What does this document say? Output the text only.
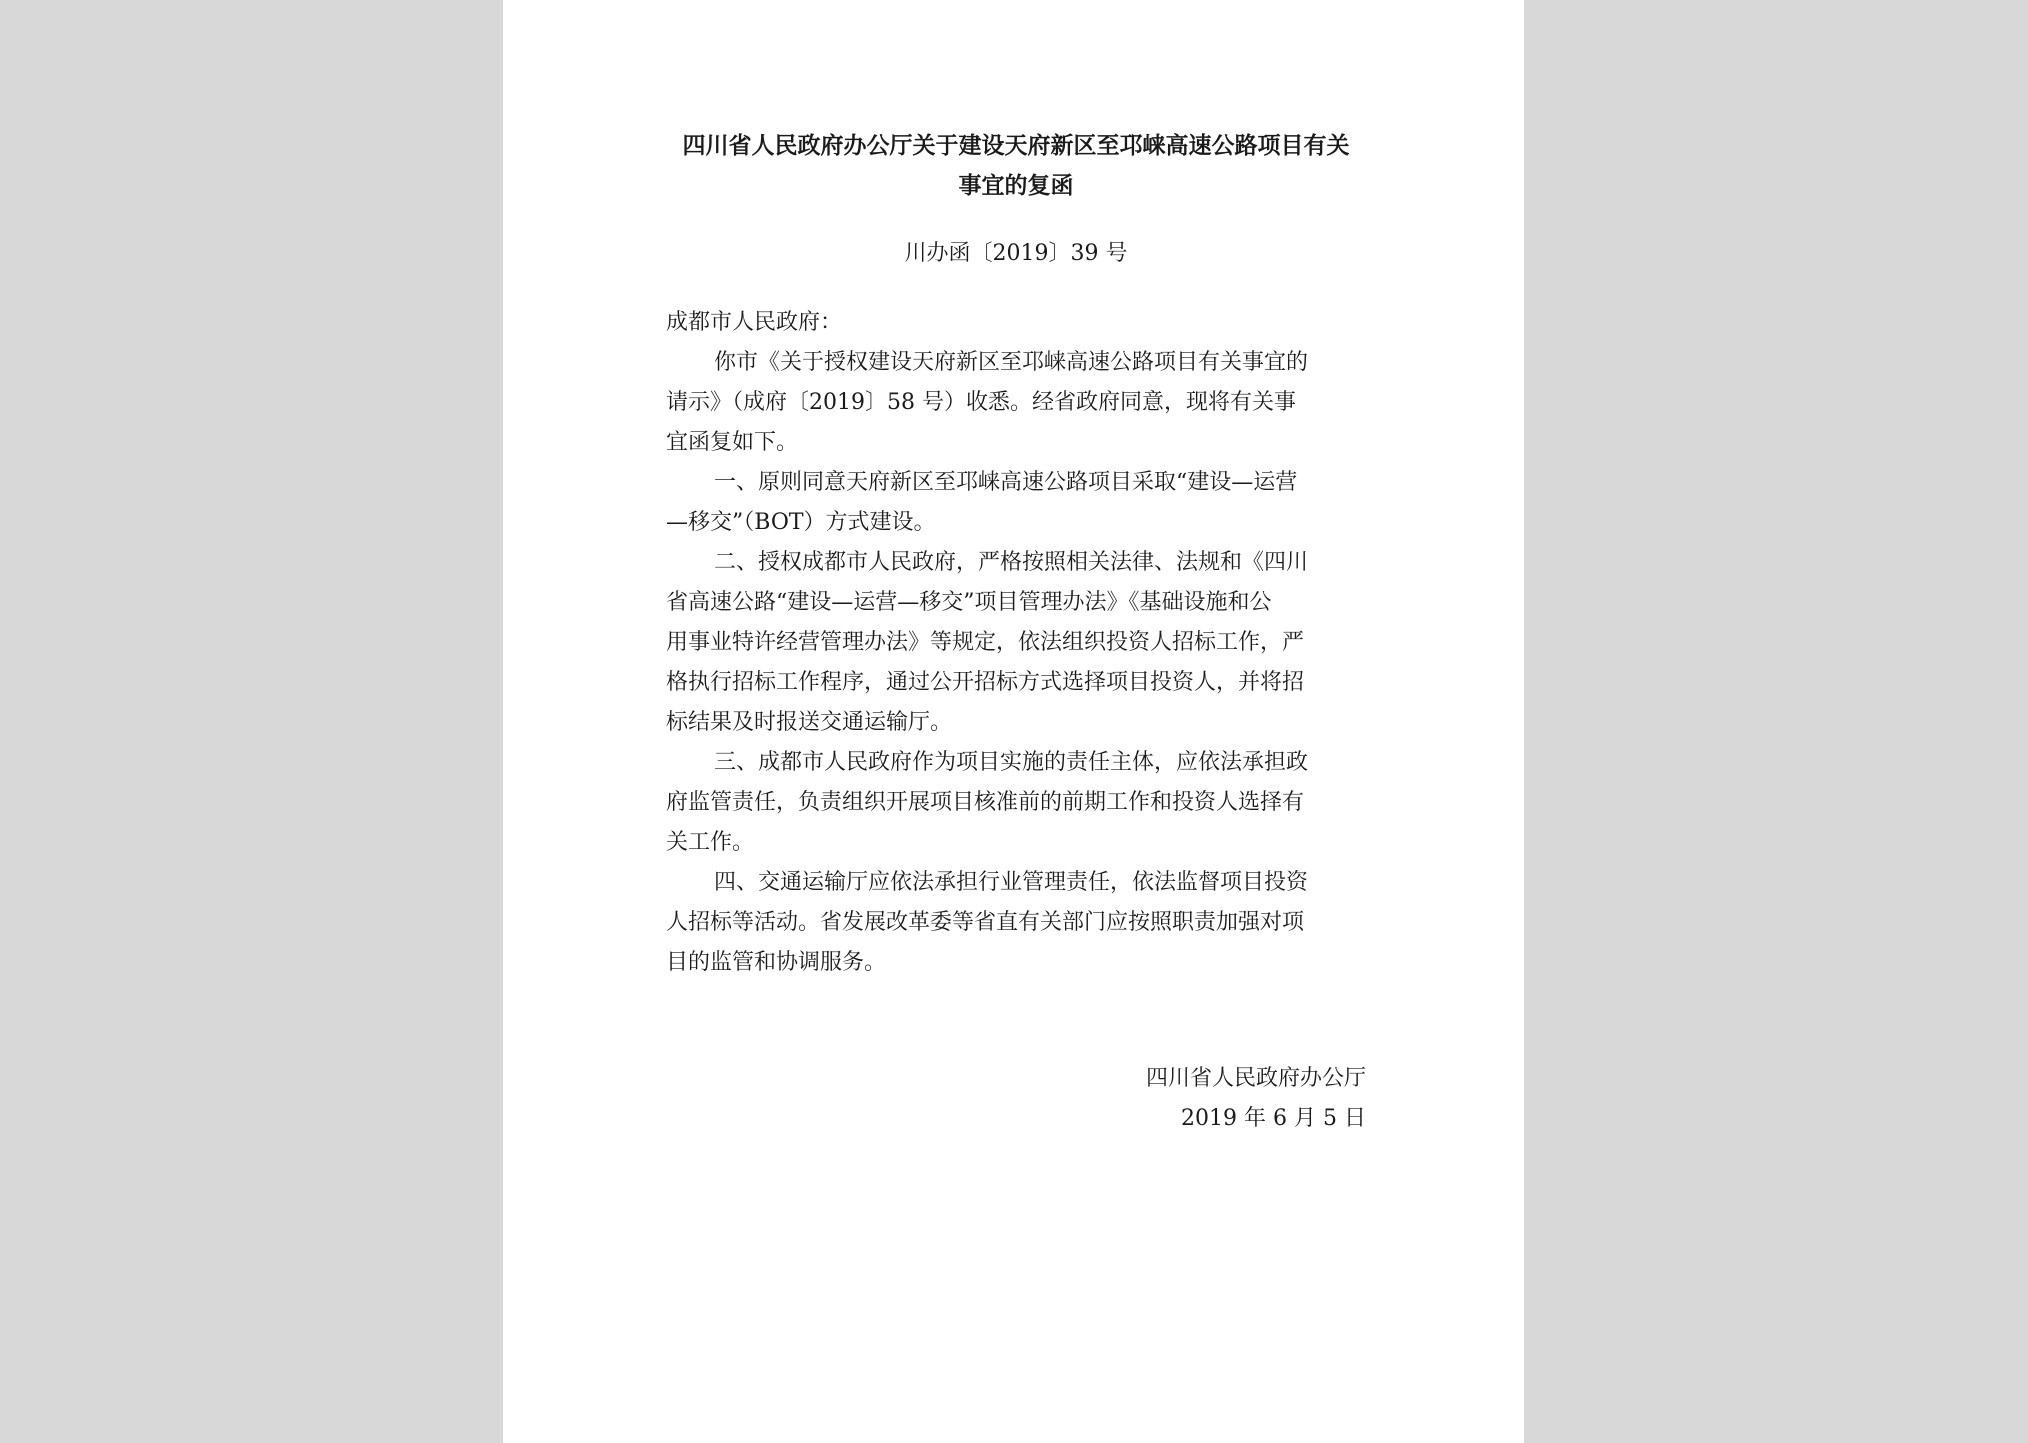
四川省人民政府办公厅关于建设天府新区至邛崃高速公路项目有关
事宜的复函
川办函〔2019〕39 号
成都市人民政府：

你市《关于授权建设天府新区至邛崃高速公路项目有关事宜的
请示》（成府〔2019〕58 号）收悉。经省政府同意，现将有关事
宜函复如下。

一、原则同意天府新区至邛崃高速公路项目采取“建设—运营
—移交”（BOT）方式建设。

二、授权成都市人民政府，严格按照相关法律、法规和《四川
省高速公路“建设—运营—移交”项目管理办法》《基础设施和公
用事业特许经营管理办法》等规定，依法组织投资人招标工作，严
格执行招标工作程序，通过公开招标方式选择项目投资人，并将招
标结果及时报送交通运输厅。

三、成都市人民政府作为项目实施的责任主体，应依法承担政
府监管责任，负责组织开展项目核准前的前期工作和投资人选择有
关工作。

四、交通运输厅应依法承担行业管理责任，依法监督项目投资
人招标等活动。省发展改革委等省直有关部门应按照职责加强对项
目的监管和协调服务。

四川省人民政府办公厅
2019 年 6 月 5 日
